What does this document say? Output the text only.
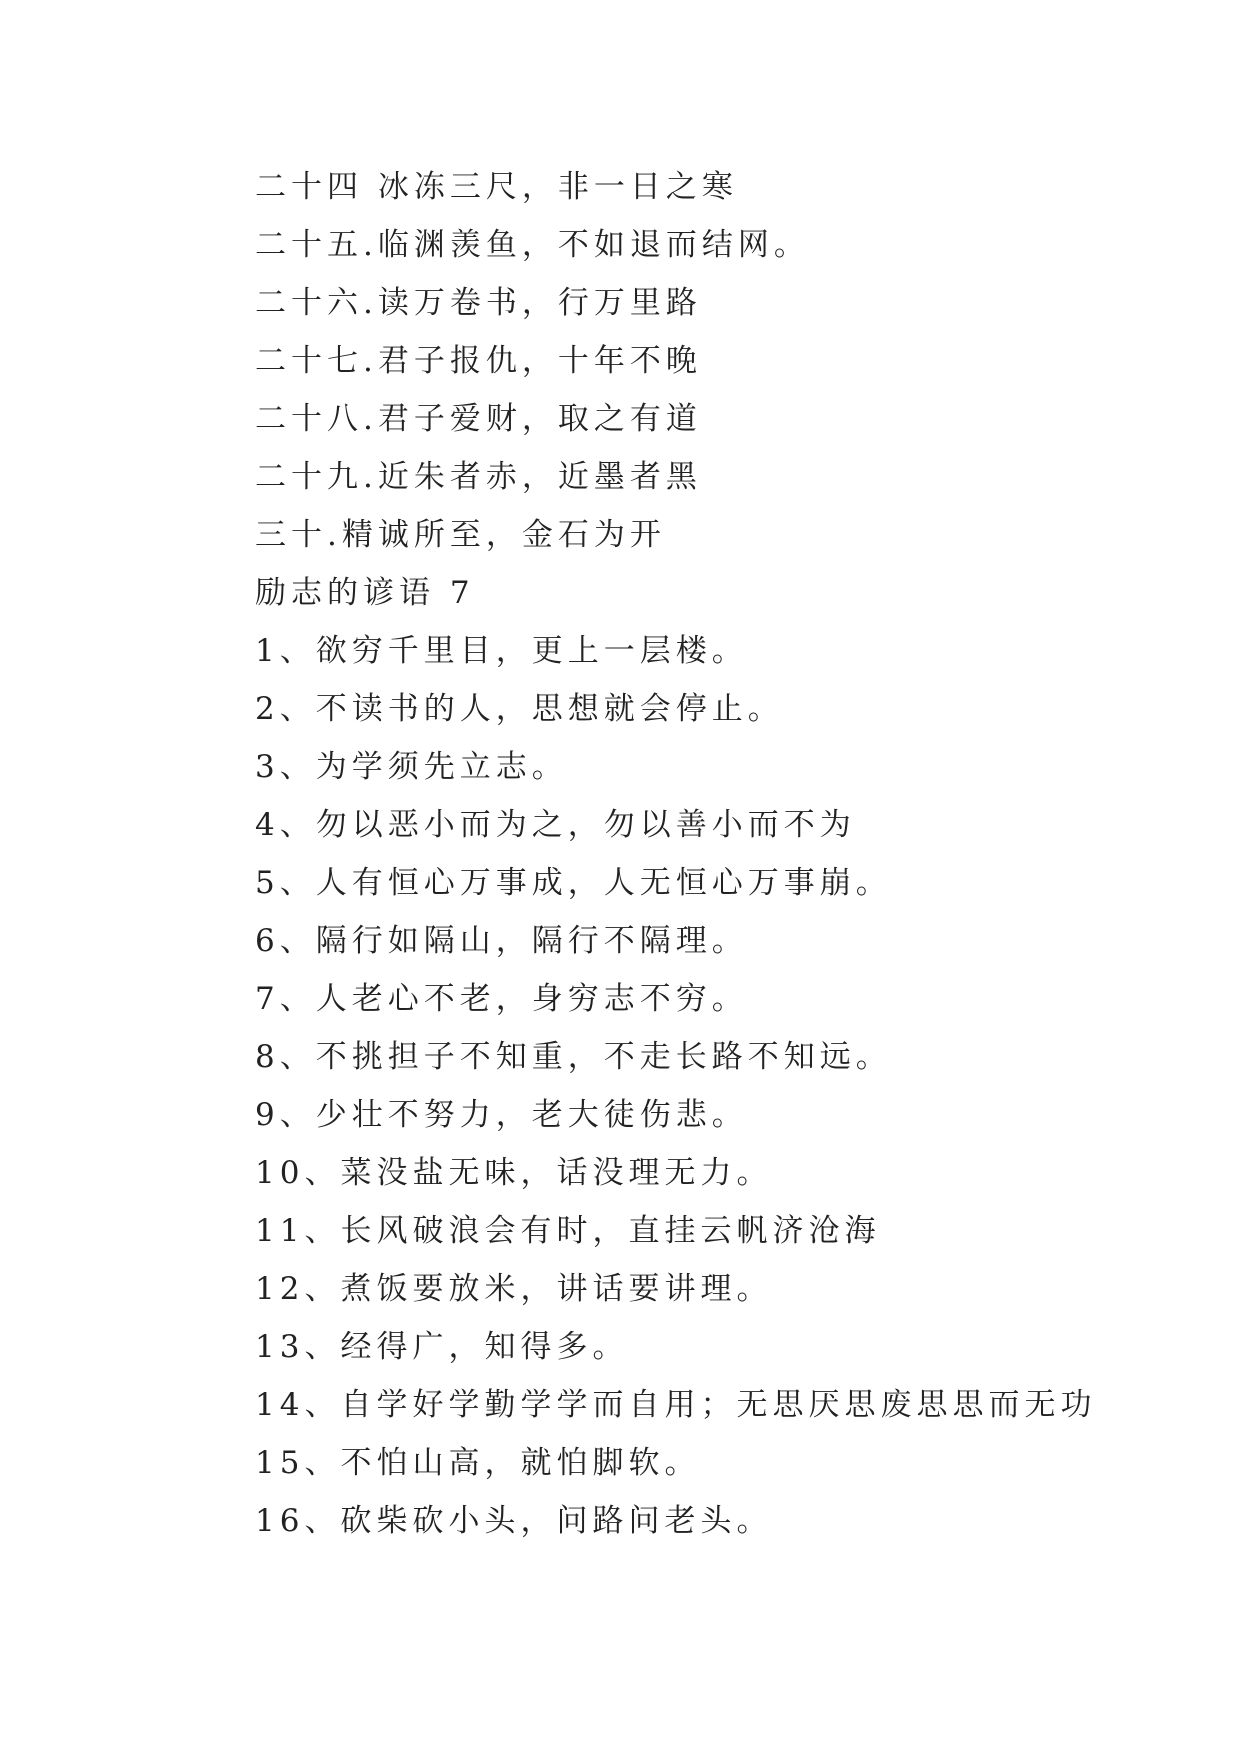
二十四 冰冻三尺，非一日之寒
二十五.临渊羡鱼，不如退而结网。
二十六.读万卷书，行万里路
二十七.君子报仇，十年不晚
二十八.君子爱财，取之有道
二十九.近朱者赤，近墨者黑
三十.精诚所至，金石为开
励志的谚语 7
1、欲穷千里目，更上一层楼。
2、不读书的人，思想就会停止。
3、为学须先立志。
4、勿以恶小而为之，勿以善小而不为
5、人有恒心万事成，人无恒心万事崩。
6、隔行如隔山，隔行不隔理。
7、人老心不老，身穷志不穷。
8、不挑担子不知重，不走长路不知远。
9、少壮不努力，老大徒伤悲。
10、菜没盐无味，话没理无力。
11、长风破浪会有时，直挂云帆济沧海
12、煮饭要放米，讲话要讲理。
13、经得广，知得多。
14、自学好学勤学学而自用；无思厌思废思思而无功
15、不怕山高，就怕脚软。
16、砍柴砍小头，问路问老头。
